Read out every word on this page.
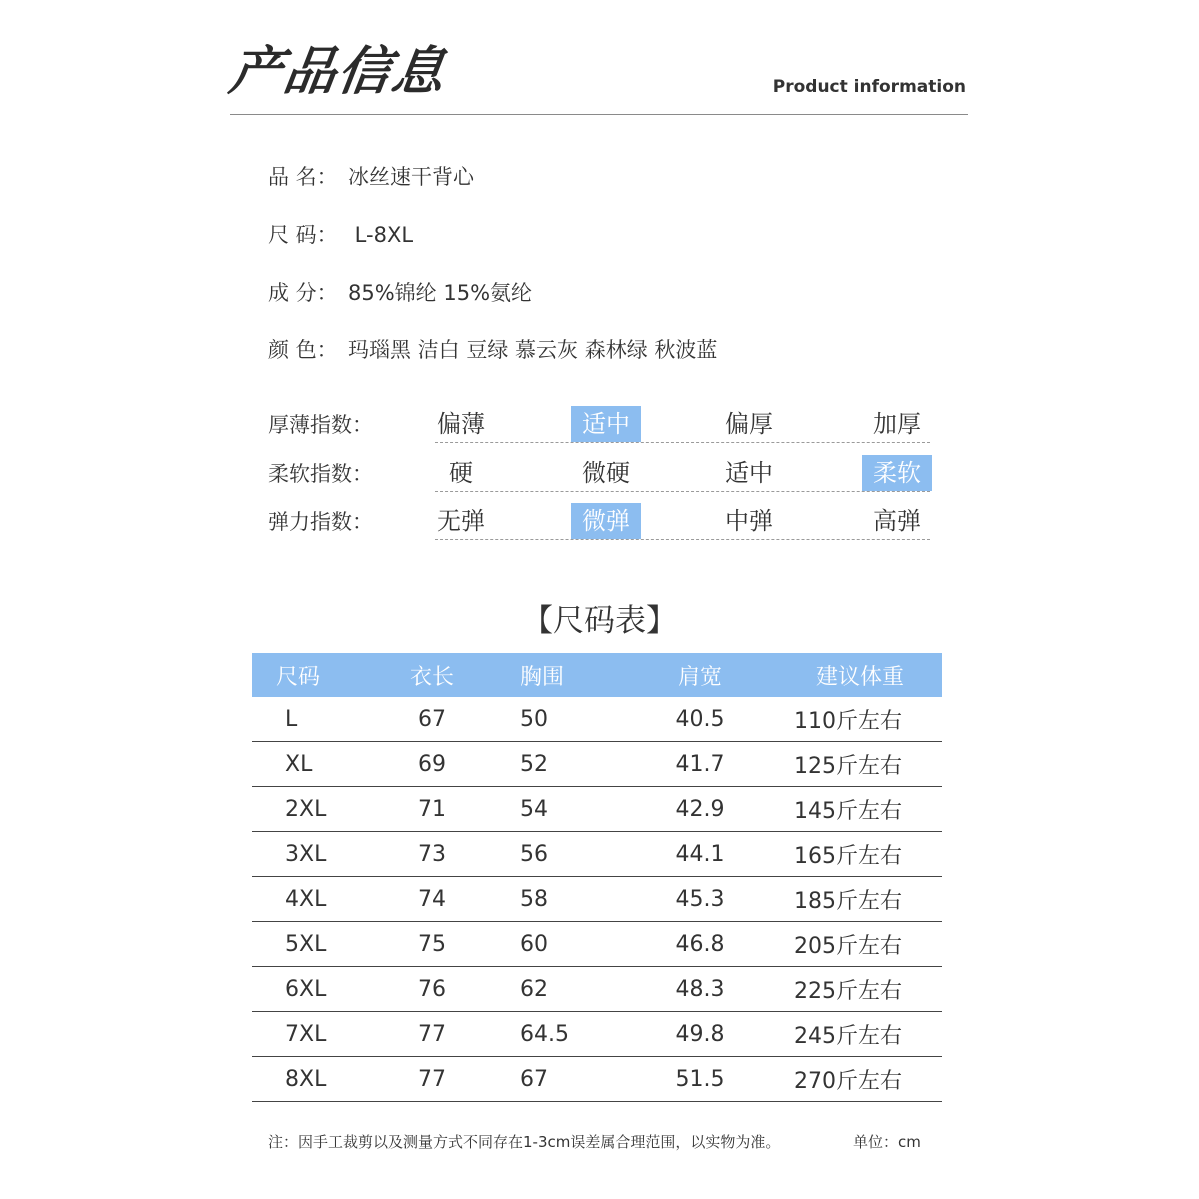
产品信息	Product information
品 名： 冰丝速干背心
尺 码： L-8XL
成 分： 85%锦纶 15%氨纶
颜 色： 玛瑙黑 洁白 豆绿 慕云灰 森林绿 秋波蓝
厚薄指数：	偏薄	适中	偏厚	加厚
柔软指数：	硬	微硬	适中	柔软
弹力指数：	无弹	微弹	中弹	高弹
【尺码表】
尺码	衣长	胸围	肩宽	建议体重
L	67	50	40.5	110斤左右
XL	69	52	41.7	125斤左右
2XL	71	54	42.9	145斤左右
3XL	73	56	44.1	165斤左右
4XL	74	58	45.3	185斤左右
5XL	75	60	46.8	205斤左右
6XL	76	62	48.3	225斤左右
7XL	77	64.5	49.8	245斤左右
8XL	77	67	51.5	270斤左右
注：因手工裁剪以及测量方式不同存在1-3cm误差属合理范围，以实物为准。	单位：cm
